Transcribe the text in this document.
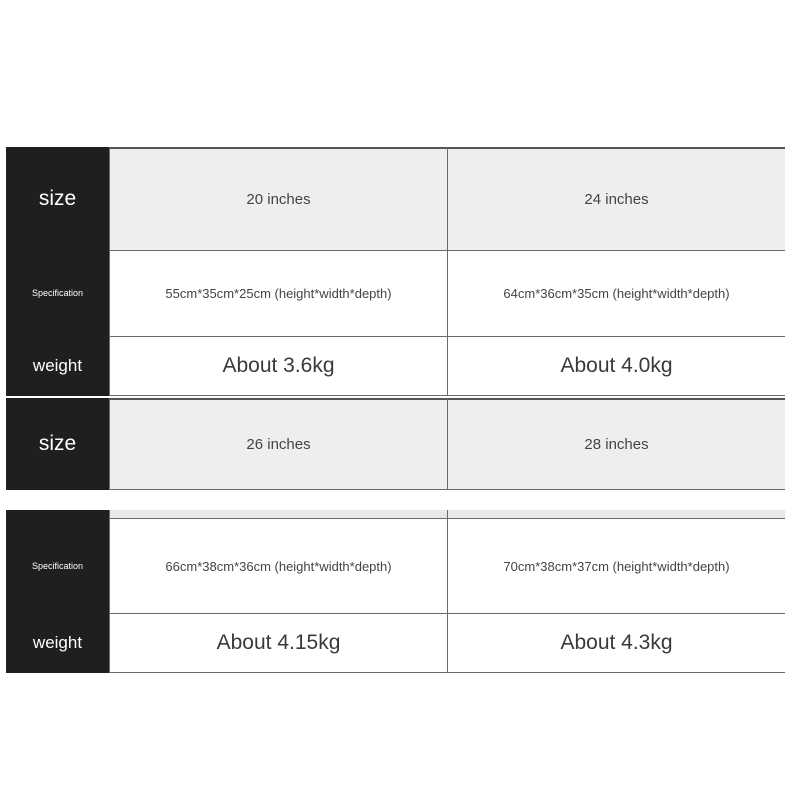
size	20 inches	24 inches
Specification	55cm*35cm*25cm (height*width*depth)	64cm*36cm*35cm (height*width*depth)
weight	About 3.6kg	About 4.0kg
size	26 inches	28 inches
Specification	66cm*38cm*36cm (height*width*depth)	70cm*38cm*37cm (height*width*depth)
weight	About 4.15kg	About 4.3kg
